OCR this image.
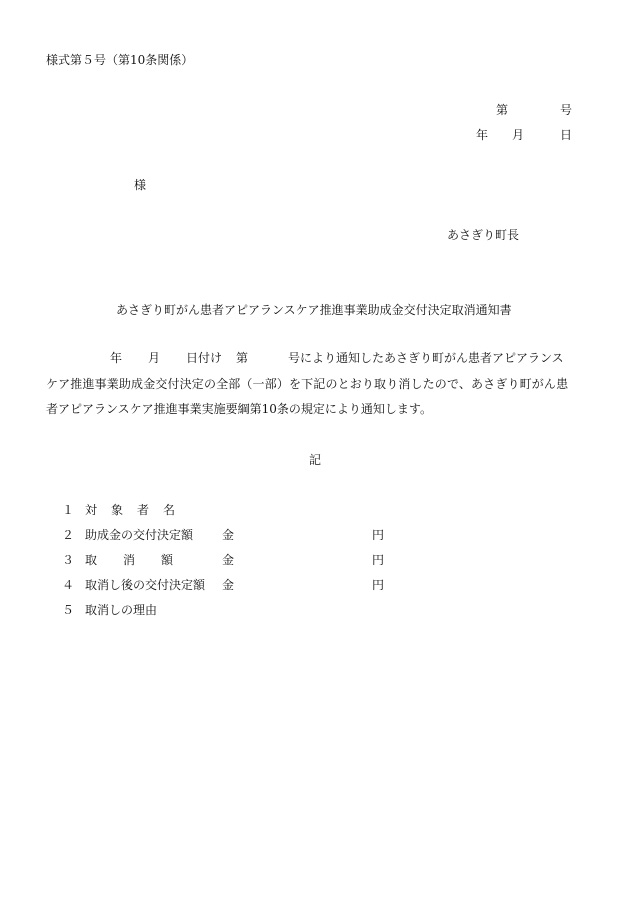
様式第５号（第10条関係）
第	号
年 月	日
様
あさぎり町長
あさぎり町がん患者アピアランスケア推進事業助成金交付決定取消通知書
年 月 日付け 第	号により通知したあさぎり町がん患者アピアランス
ケア推進事業助成金交付決定の全部（一部）を下記のとおり取り消したので、あさぎり町がん患
者アピアランスケア推進事業実施要綱第10条の規定により通知します。
記
１ 対象者名
２ 助成金の交付決定額 金	円
３ 取消額 金	円
４ 取消し後の交付決定額 金	円
５ 取消しの理由
